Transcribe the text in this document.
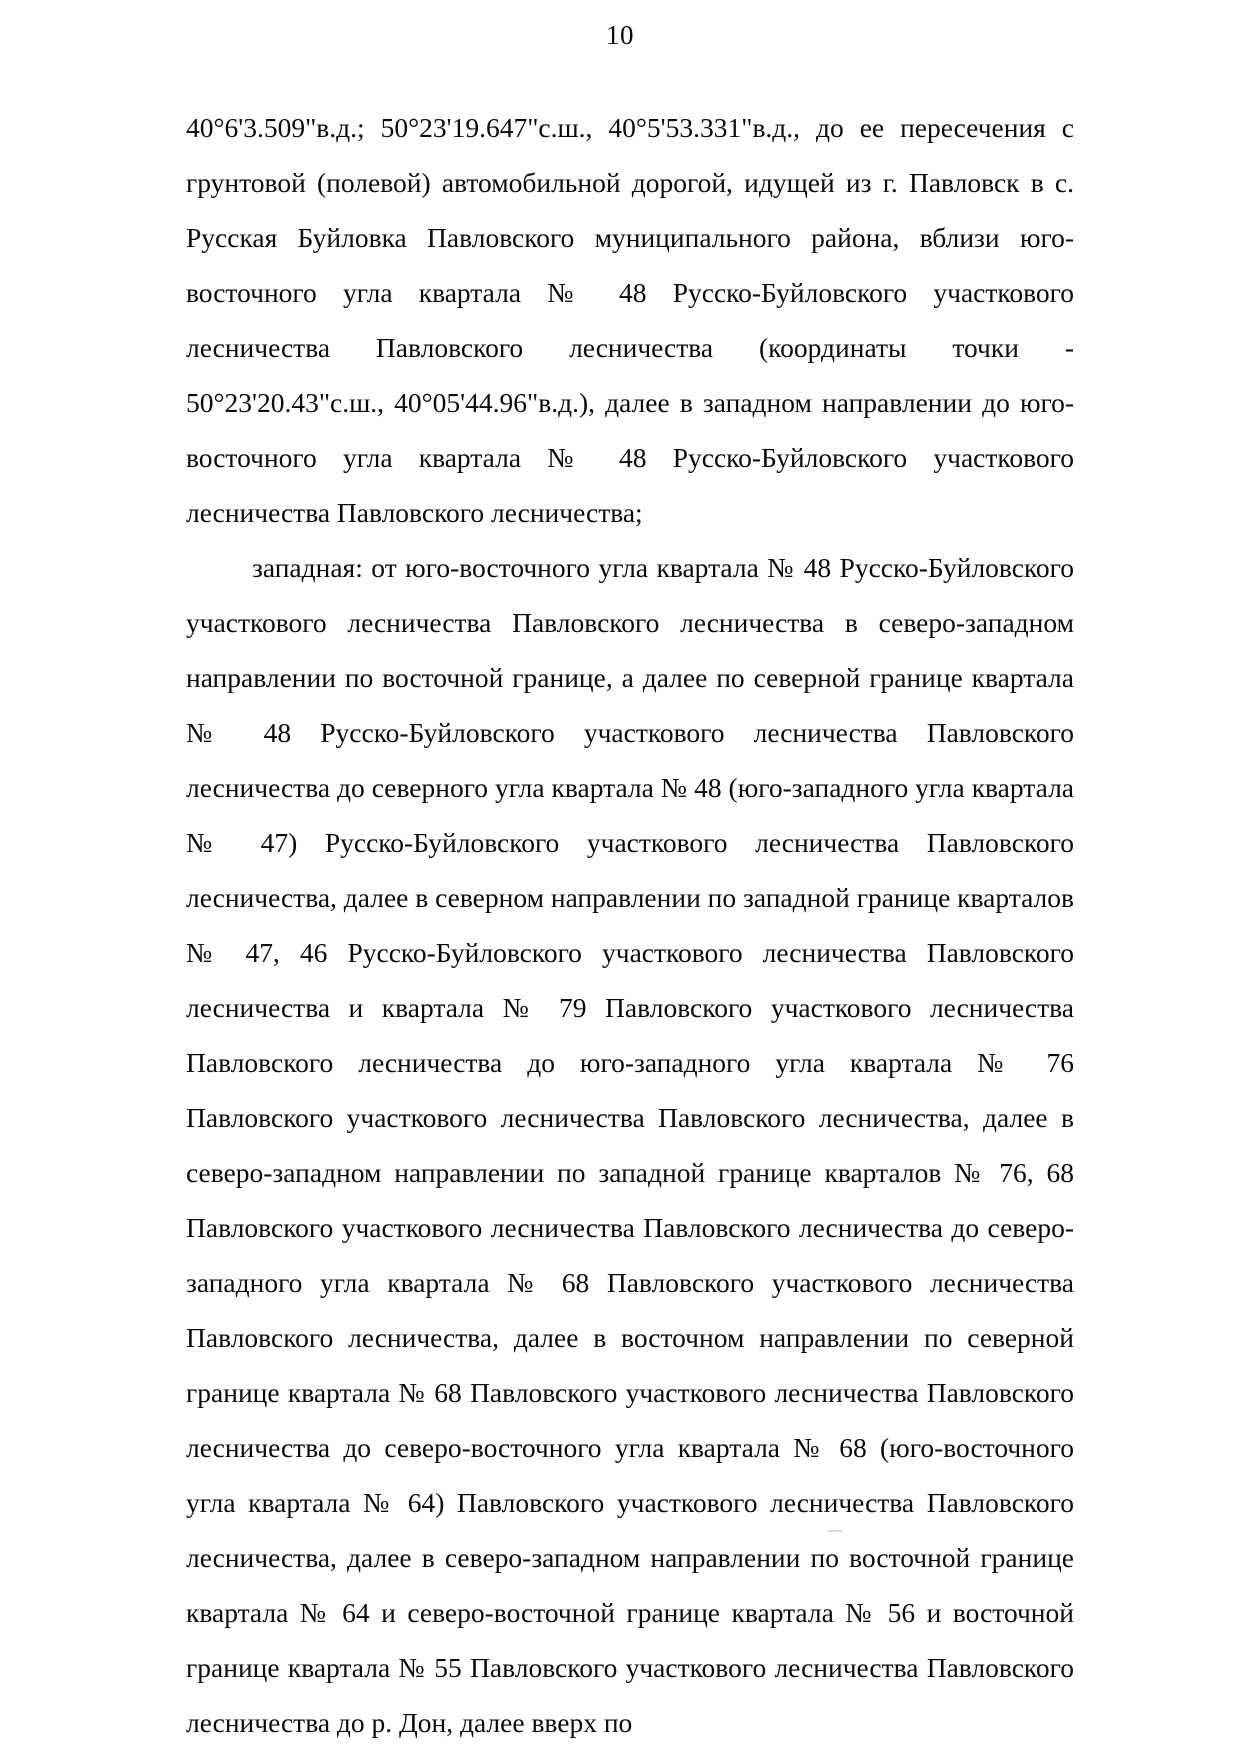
10

40°6'3.509"в.д.; 50°23'19.647"с.ш., 40°5'53.331"в.д., до ее пересечения с грунтовой (полевой) автомобильной дорогой, идущей из г. Павловск в с. Русская Буйловка Павловского муниципального района, вблизи юго-восточного угла квартала № 48 Русско-Буйловского участкового лесничества Павловского лесничества (координаты точки - 50°23'20.43"с.ш., 40°05'44.96"в.д.), далее в западном направлении до юго-восточного угла квартала № 48 Русско-Буйловского участкового лесничества Павловского лесничества;

западная: от юго-восточного угла квартала № 48 Русско-Буйловского участкового лесничества Павловского лесничества в северо-западном направлении по восточной границе, а далее по северной границе квартала № 48 Русско-Буйловского участкового лесничества Павловского лесничества до северного угла квартала № 48 (юго-западного угла квартала № 47) Русско-Буйловского участкового лесничества Павловского лесничества, далее в северном направлении по западной границе кварталов № 47, 46 Русско-Буйловского участкового лесничества Павловского лесничества и квартала № 79 Павловского участкового лесничества Павловского лесничества до юго-западного угла квартала № 76 Павловского участкового лесничества Павловского лесничества, далее в северо-западном направлении по западной границе кварталов № 76, 68 Павловского участкового лесничества Павловского лесничества до северо-западного угла квартала № 68 Павловского участкового лесничества Павловского лесничества, далее в восточном направлении по северной границе квартала № 68 Павловского участкового лесничества Павловского лесничества до северо-восточного угла квартала № 68 (юго-восточного угла квартала № 64) Павловского участкового лесничества Павловского лесничества, далее в северо-западном направлении по восточной границе квартала № 64 и северо-восточной границе квартала № 56 и восточной границе квартала № 55 Павловского участкового лесничества Павловского лесничества до р. Дон, далее вверх по
